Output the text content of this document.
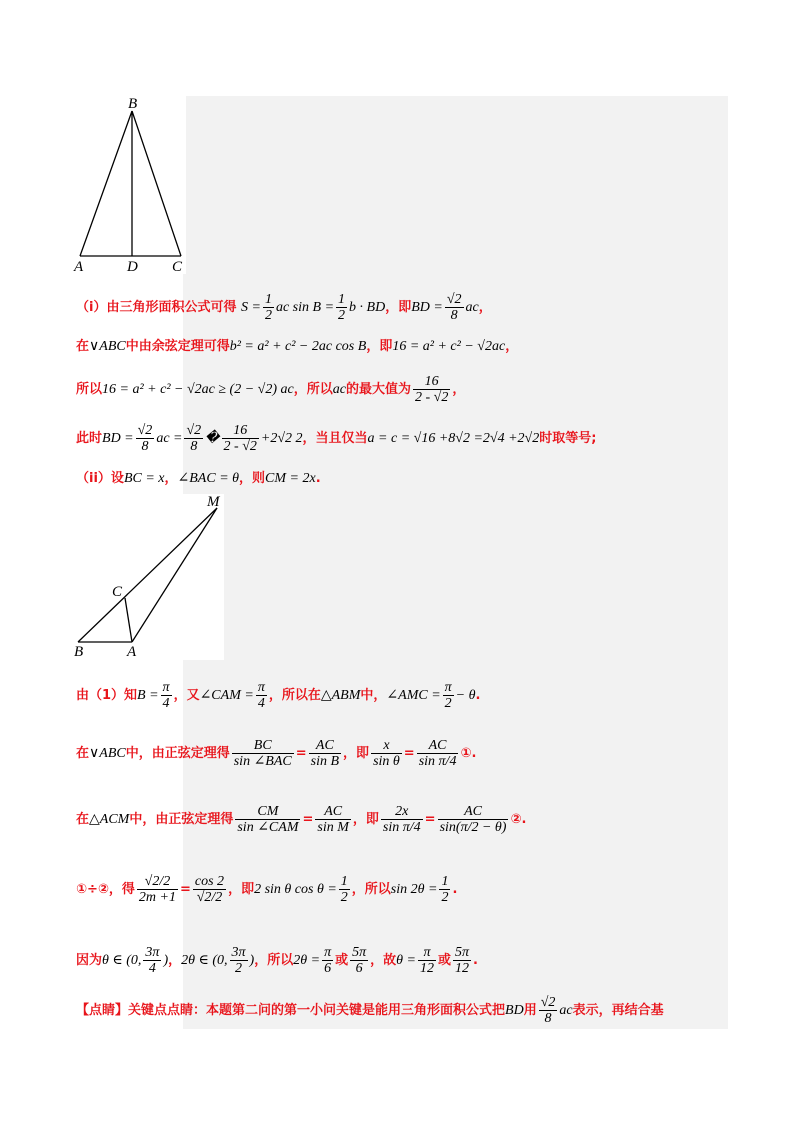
B
A	D C
（i）由三角形面积公式可得 $S = \frac{1}{2}$ ac $\sin B = \frac{1}{2}$ b · BD，即BD = $\frac{√2}{8}$ ac，
在∨ABC中由余弦定理可得b² = a² + c² − 2ac cos B，即16 = a² + c² − √2ac，
所以16 = a² + c² − √2ac ≥ (2 − √2) ac，所以ac的最大值为 $\frac{16}{2 - √2}$ ，
此时BD = $\frac{√2}{8}$ ac = $\frac{√2}{8}$ � $\frac{16}{2 - √2} +2√2$ 2，当且仅当a = c = √16 +8√2 =2√4 +2√2时取等号;
（ii）设BC = x，∠BAC = θ，则CM = 2x.
M
C
B	A
由（1）知$B = \frac{\pi}{4}$ ，又∠CAM = $\frac{\pi}{4}$ ，所以在△ABM中，∠AMC = $\frac{\pi}{2} - \theta$.
在∨ABC中，由正弦定理得 $\frac{BC}{\text{sin ∠BAC}} = \frac{AC}{\text{sin B}}$ ，即 $\frac{x}{\text{sin θ}} = \frac{AC}{\text{sin π/4}}$ ①.
在△ACM中，由正弦定理得 $\frac{CM}{\text{sin ∠CAM}} = \frac{AC}{\text{sin M}}$ ，即 $\frac{2x}{\text{sin π/4}} = \frac{AC}{\sin(\pi/2 - \theta)}$ ②.
①÷②，得 $\frac{√2/2}{2m +1} = \frac{\cos 2}{√2/2}$ ，即2 sin θ $\cos \theta = \frac{1}{2}$ ，所以$\sin 2\theta = \frac{1}{2}$ .
因为θ ∈ (0, $\frac{3\pi}{4}$ )，2θ ∈ (0, $\frac{3\pi}{2}$ )，所以$2\theta = \frac{\pi}{6}$ 或 $\frac{5\pi}{6}$ ，故$\theta = \frac{\pi}{12}$ 或 $\frac{5\pi}{12}$ .
【点睛】关键点点睛：本题第二问的第一小问关键是能用三角形面积公式把BD用 $\frac{√2}{8}$ ac表示，再结合基
